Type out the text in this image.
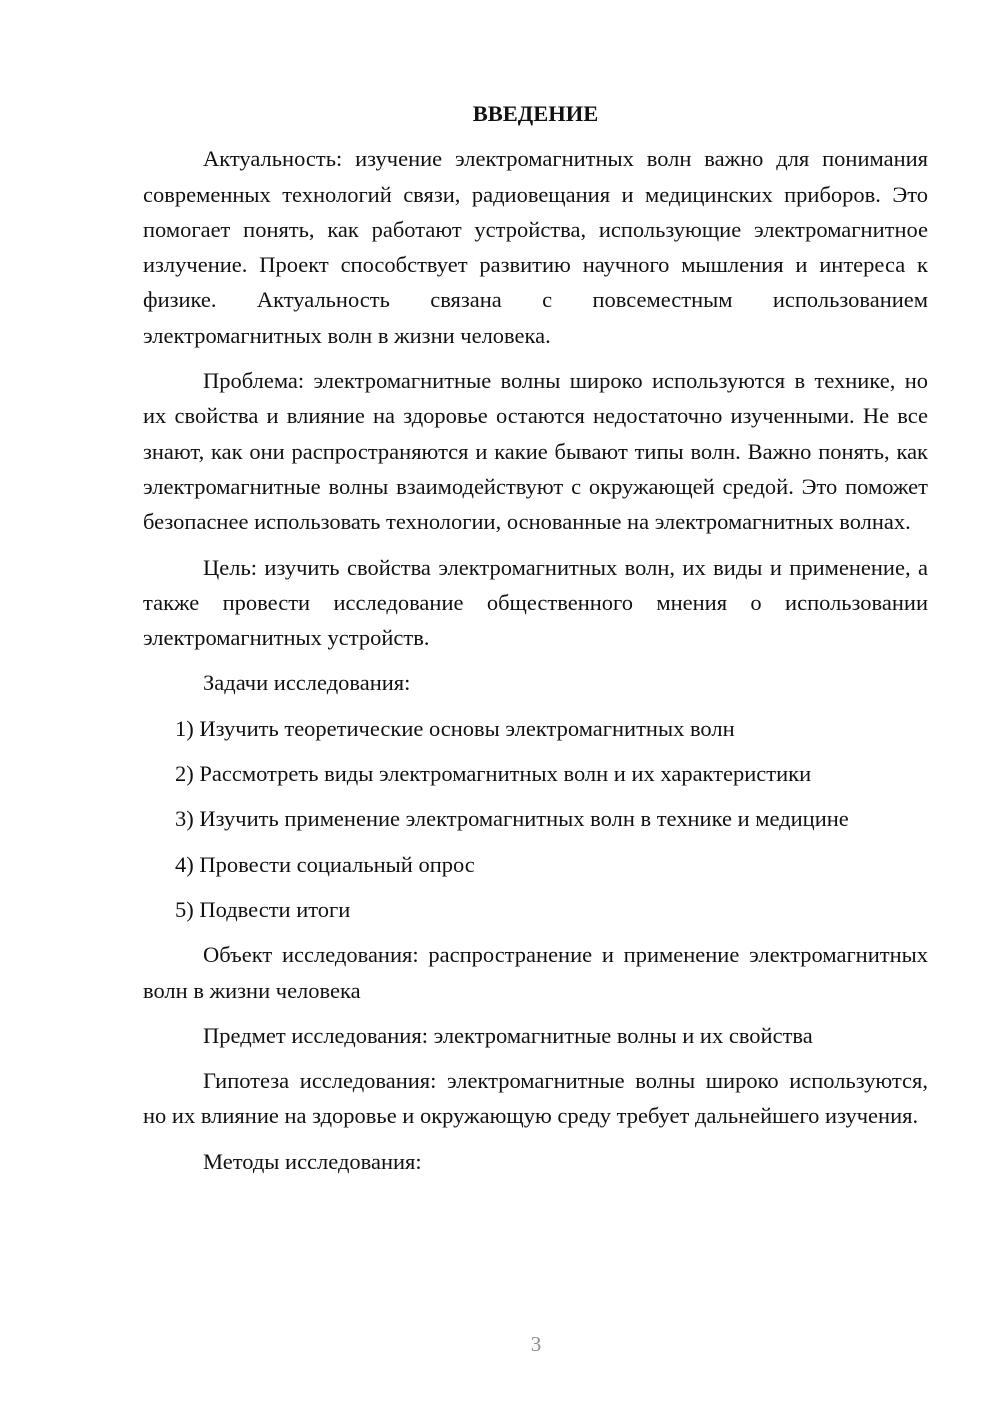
ВВЕДЕНИЕ

Актуальность: изучение электромагнитных волн важно для понимания современных технологий связи, радиовещания и медицинских приборов. Это помогает понять, как работают устройства, использующие электромагнитное излучение. Проект способствует развитию научного мышления и интереса к физике. Актуальность связана с повсеместным использованием электромагнитных волн в жизни человека.

Проблема: электромагнитные волны широко используются в технике, но их свойства и влияние на здоровье остаются недостаточно изученными. Не все знают, как они распространяются и какие бывают типы волн. Важно понять, как электромагнитные волны взаимодействуют с окружающей средой. Это поможет безопаснее использовать технологии, основанные на электромагнитных волнах.

Цель: изучить свойства электромагнитных волн, их виды и применение, а также провести исследование общественного мнения о использовании электромагнитных устройств.

Задачи исследования:

1) Изучить теоретические основы электромагнитных волн
2) Рассмотреть виды электромагнитных волн и их характеристики
3) Изучить применение электромагнитных волн в технике и медицине
4) Провести социальный опрос
5) Подвести итоги

Объект исследования: распространение и применение электромагнитных волн в жизни человека

Предмет исследования: электромагнитные волны и их свойства

Гипотеза исследования: электромагнитные волны широко используются, но их влияние на здоровье и окружающую среду требует дальнейшего изучения.

Методы исследования:

3
